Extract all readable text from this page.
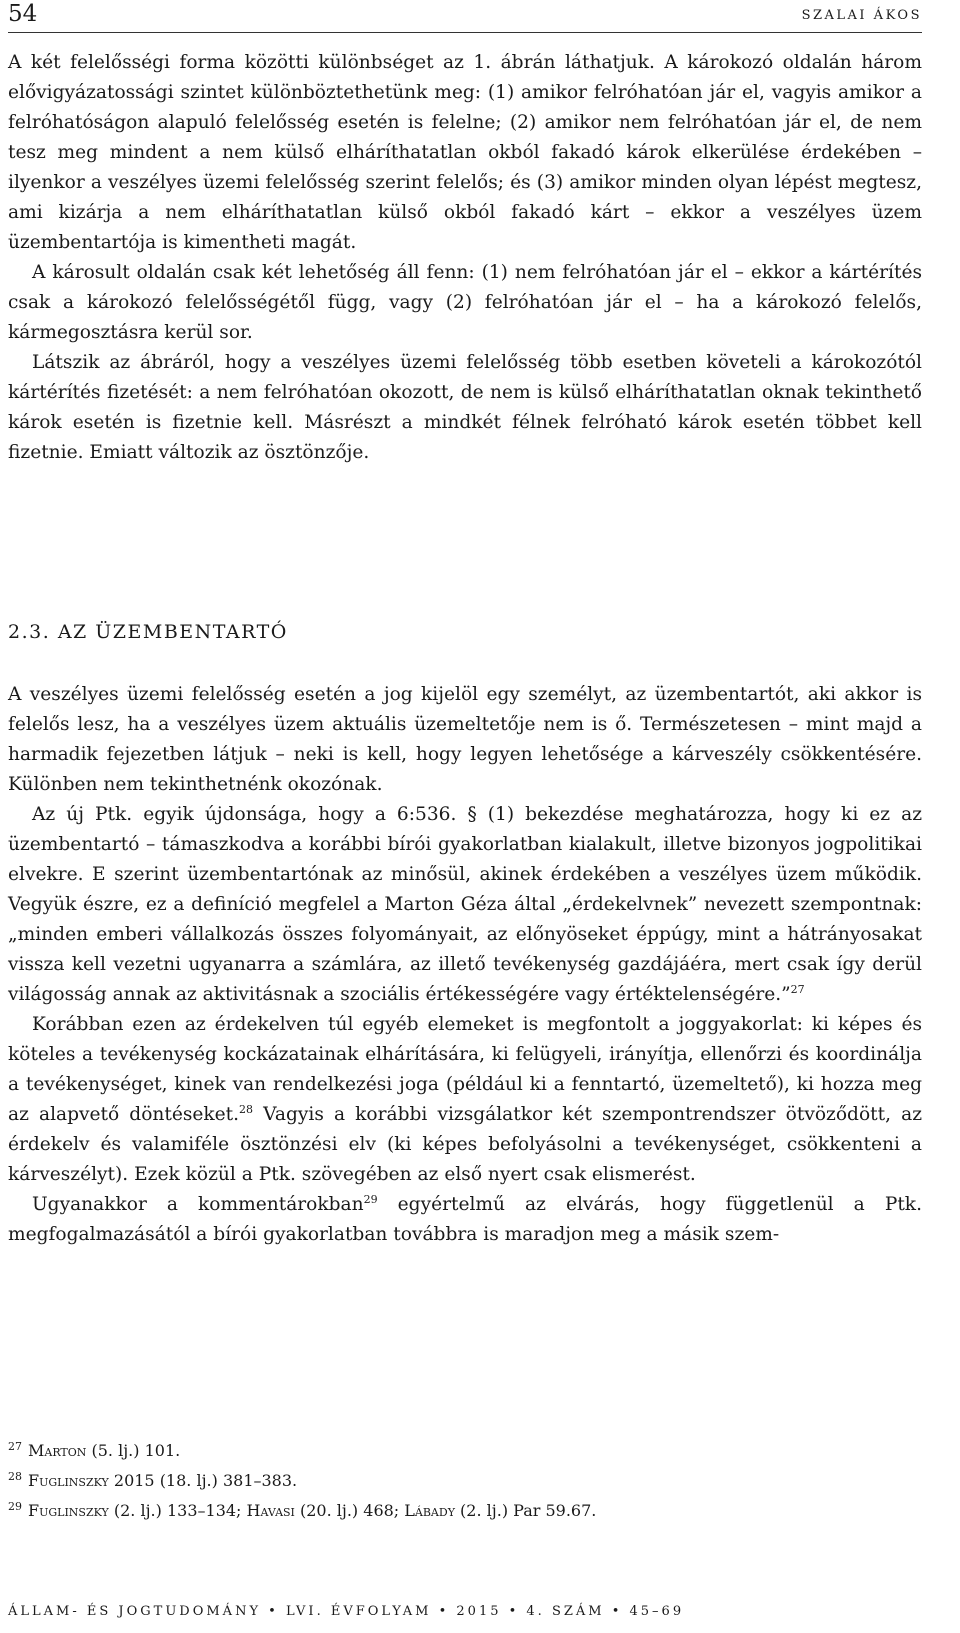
54	SZALAI ÁKOS

A két felelősségi forma közötti különbséget az 1. ábrán láthatjuk. A károkozó oldalán három elővigyázatossági szintet különböztethetünk meg: (1) amikor felróhatóan jár el, vagyis amikor a felróhatóságon alapuló felelősség esetén is felelne; (2) amikor nem felróhatóan jár el, de nem tesz meg mindent a nem külső elháríthatatlan okból fakadó károk elkerülése érdekében – ilyenkor a veszélyes üzemi felelősség szerint felelős; és (3) amikor minden olyan lépést megtesz, ami kizárja a nem elháríthatatlan külső okból fakadó kárt – ekkor a veszélyes üzem üzembentartója is kimentheti magát.

A károsult oldalán csak két lehetőség áll fenn: (1) nem felróhatóan jár el – ekkor a kártérítés csak a károkozó felelősségétől függ, vagy (2) felróhatóan jár el – ha a károkozó felelős, kármegosztásra kerül sor.

Látszik az ábráról, hogy a veszélyes üzemi felelősség több esetben követeli a károkozótól kártérítés fizetését: a nem felróhatóan okozott, de nem is külső elháríthatatlan oknak tekinthető károk esetén is fizetnie kell. Másrészt a mindkét félnek felróható károk esetén többet kell fizetnie. Emiatt változik az ösztönzője.

2.3. AZ ÜZEMBENTARTÓ

A veszélyes üzemi felelősség esetén a jog kijelöl egy személyt, az üzembentartót, aki akkor is felelős lesz, ha a veszélyes üzem aktuális üzemeltetője nem is ő. Természetesen – mint majd a harmadik fejezetben látjuk – neki is kell, hogy legyen lehetősége a kárveszély csökkentésére. Különben nem tekinthetnénk okozónak.

Az új Ptk. egyik újdonsága, hogy a 6:536. § (1) bekezdése meghatározza, hogy ki ez az üzembentartó – támaszkodva a korábbi bírói gyakorlatban kialakult, illetve bizonyos jogpolitikai elvekre. E szerint üzembentartónak az minősül, akinek érdekében a veszélyes üzem működik. Vegyük észre, ez a definíció megfelel a Marton Géza által „érdekelvnek” nevezett szempontnak: „minden emberi vállalkozás összes folyományait, az előnyöseket éppúgy, mint a hátrányosakat vissza kell vezetni ugyanarra a számlára, az illető tevékenység gazdájáéra, mert csak így derül világosság annak az aktivitásnak a szociális értékességére vagy értéktelenségére.”$^{27}$

Korábban ezen az érdekelven túl egyéb elemeket is megfontolt a joggyakorlat: ki képes és köteles a tevékenység kockázatainak elhárítására, ki felügyeli, irányítja, ellenőrzi és koordinálja a tevékenységet, kinek van rendelkezési joga (például ki a fenntartó, üzemeltető), ki hozza meg az alapvető döntéseket.$^{28}$ Vagyis a korábbi vizsgálatkor két szempontrendszer ötvöződött, az érdekelv és valamiféle ösztönzési elv (ki képes befolyásolni a tevékenységet, csökkenteni a kárveszélyt). Ezek közül a Ptk. szövegében az első nyert csak elismerést.

Ugyanakkor a kommentárokban$^{29}$ egyértelmű az elvárás, hogy függetlenül a Ptk. megfogalmazásától a bírói gyakorlatban továbbra is maradjon meg a másik szem-

$^{27}$ Marton (5. lj.) 101.

$^{28}$ Fuglinszky 2015 (18. lj.) 381–383.

$^{29}$ Fuglinszky (2. lj.) 133–134; Havasi (20. lj.) 468; Lábady (2. lj.) Par 59.67.

ÁLLAM- ÉS JOGTUDOMÁNY • LVI. ÉVFOLYAM • 2015 • 4. SZÁM • 45–69
